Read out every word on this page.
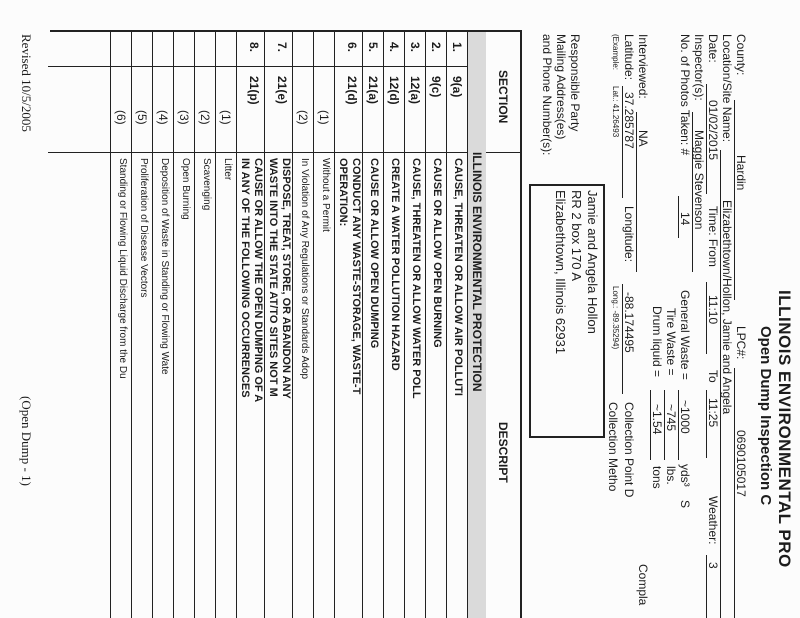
ILLINOIS ENVIRONMENTAL PRO
Open Dump Inspection C
County:
Hardin
LPC#:
0690105017
Location/Site Name:
Elizabethtown/Hollon, Jamie and Angela
Date:
01/02/2015
Time: From
11:10
To
11:25
Weather:
3
Inspector(s):
Maggie Stevenson
No. of Photos Taken: #
14
General Waste =
~1000
yds³
S
Tire Waste =
~745
lbs.
Drum liquid =
~1.54
tons
Interviewed:
NA
Compla
Latitude:
37.285787
Longitude:
-88.174495
Collection Point D
(Example:
Lat.: 41.26493
Long.: -89.35294)
Collection Metho
Responsible Party
Mailing Address(es)
and Phone Number(s):
Jamie and Angela Hollon
RR 2 box 170 A
Elizabethtown, Illinois 62931
SECTION
DESCRIPT
ILLINOIS ENVIRONMENTAL PROTECTION
1.
9(a)
CAUSE, THREATEN OR ALLOW AIR POLLUTI
2.
9(c)
CAUSE OR ALLOW OPEN BURNING
3.
12(a)
CAUSE, THREATEN OR ALLOW WATER POLL
4.
12(d)
CREATE A WATER POLLUTION HAZARD
5.
21(a)
CAUSE OR ALLOW OPEN DUMPING
6.
21(d)
CONDUCT ANY WASTE-STORAGE, WASTE-T
OPERATION:
(1)
Without a Permit
(2)
In Violation of Any Regulations or Standards Adop
7.
21(e)
DISPOSE, TREAT, STORE, OR ABANDON ANY
WASTE INTO THE STATE AT/TO SITES NOT M
8.
21(p)
CAUSE OR ALLOW THE OPEN DUMPING OF A
IN ANY OF THE FOLLOWING OCCURRENCES
(1)
Litter
(2)
Scavenging
(3)
Open Burning
(4)
Deposition of Waste in Standing or Flowing Wate
(5)
Proliferation of Disease Vectors
(6)
Standing or Flowing Liquid Discharge from the Du
Revised 10/5/2005
(Open Dump - 1)
